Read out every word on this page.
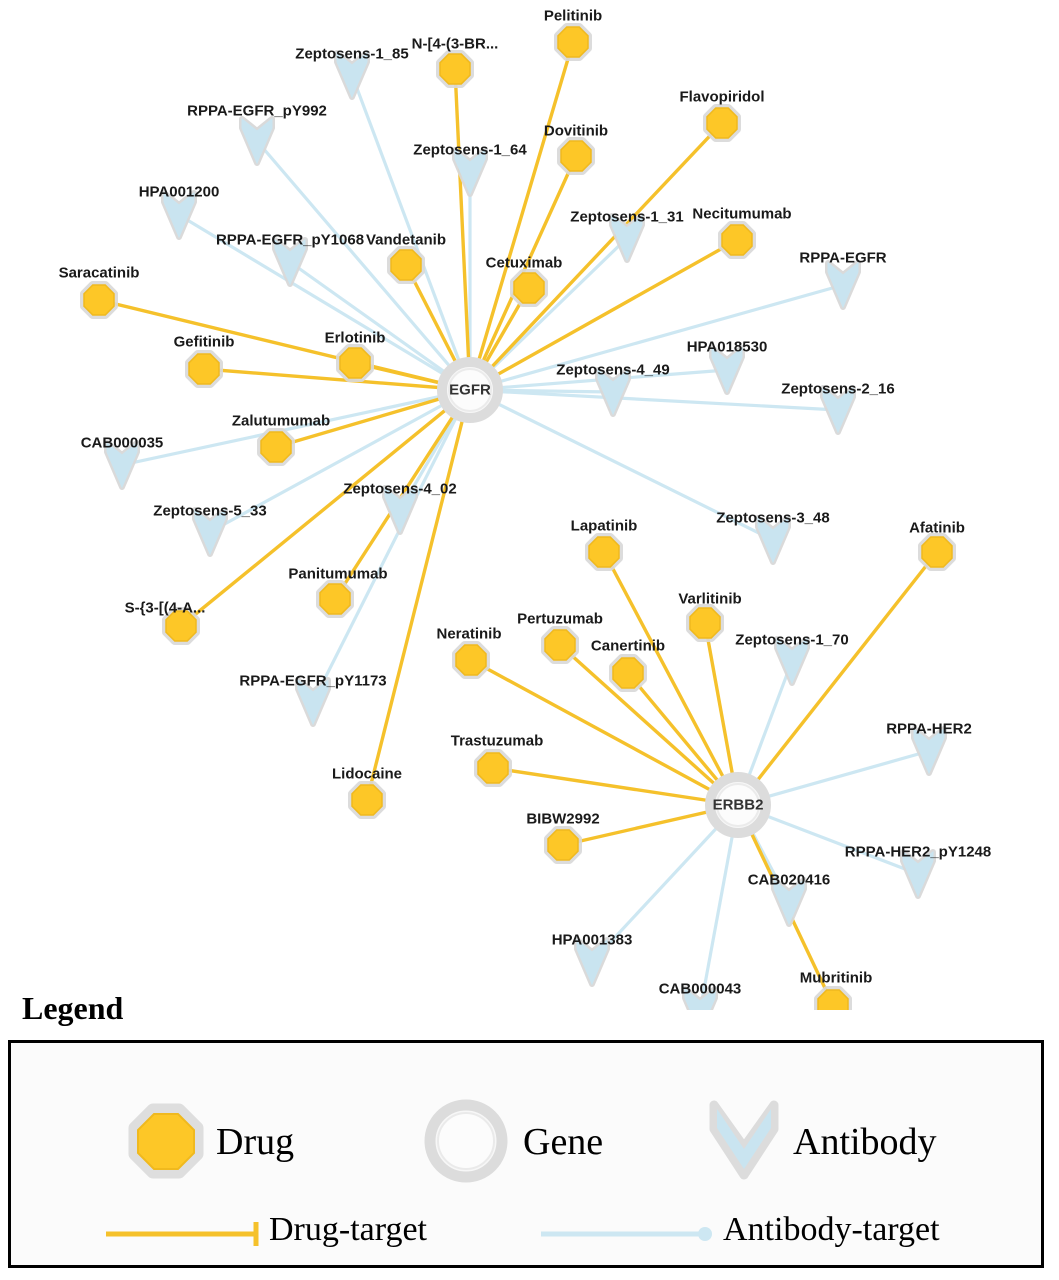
Zeptosens-1_85
RPPA-EGFR_pY992
Zeptosens-1_64
HPA001200
Zeptosens-1_31
RPPA-EGFR_pY1068
RPPA-EGFR
HPA018530
Zeptosens-4_49
Zeptosens-2_16
CAB000035
Zeptosens-4_02
Zeptosens-5_33	Zeptosens-3_48
Zeptosens-1_70
RPPA-EGFR_pY1173
RPPA-HER2
RPPA-HER2_pY1248
CAB020416
HPA001383
CAB000043
Pelitinib
N-[4-(3-BR...
Flavopiridol
Dovitinib
Necitumumab
Vandetanib
Cetuximab
Saracatinib
Erlotinib
Gefitinib
Zalutumumab
Afatinib
Lapatinib
Varlitinib
Panitumumab
S-{3-[(4-A...
Pertuzumab
Neratinib
Canertinib
Trastuzumab
Lidocaine
BIBW2992
Mubritinib
EGFR
ERBB2
Legend
Drug	Gene	Antibody
Drug-target	Antibody-target
